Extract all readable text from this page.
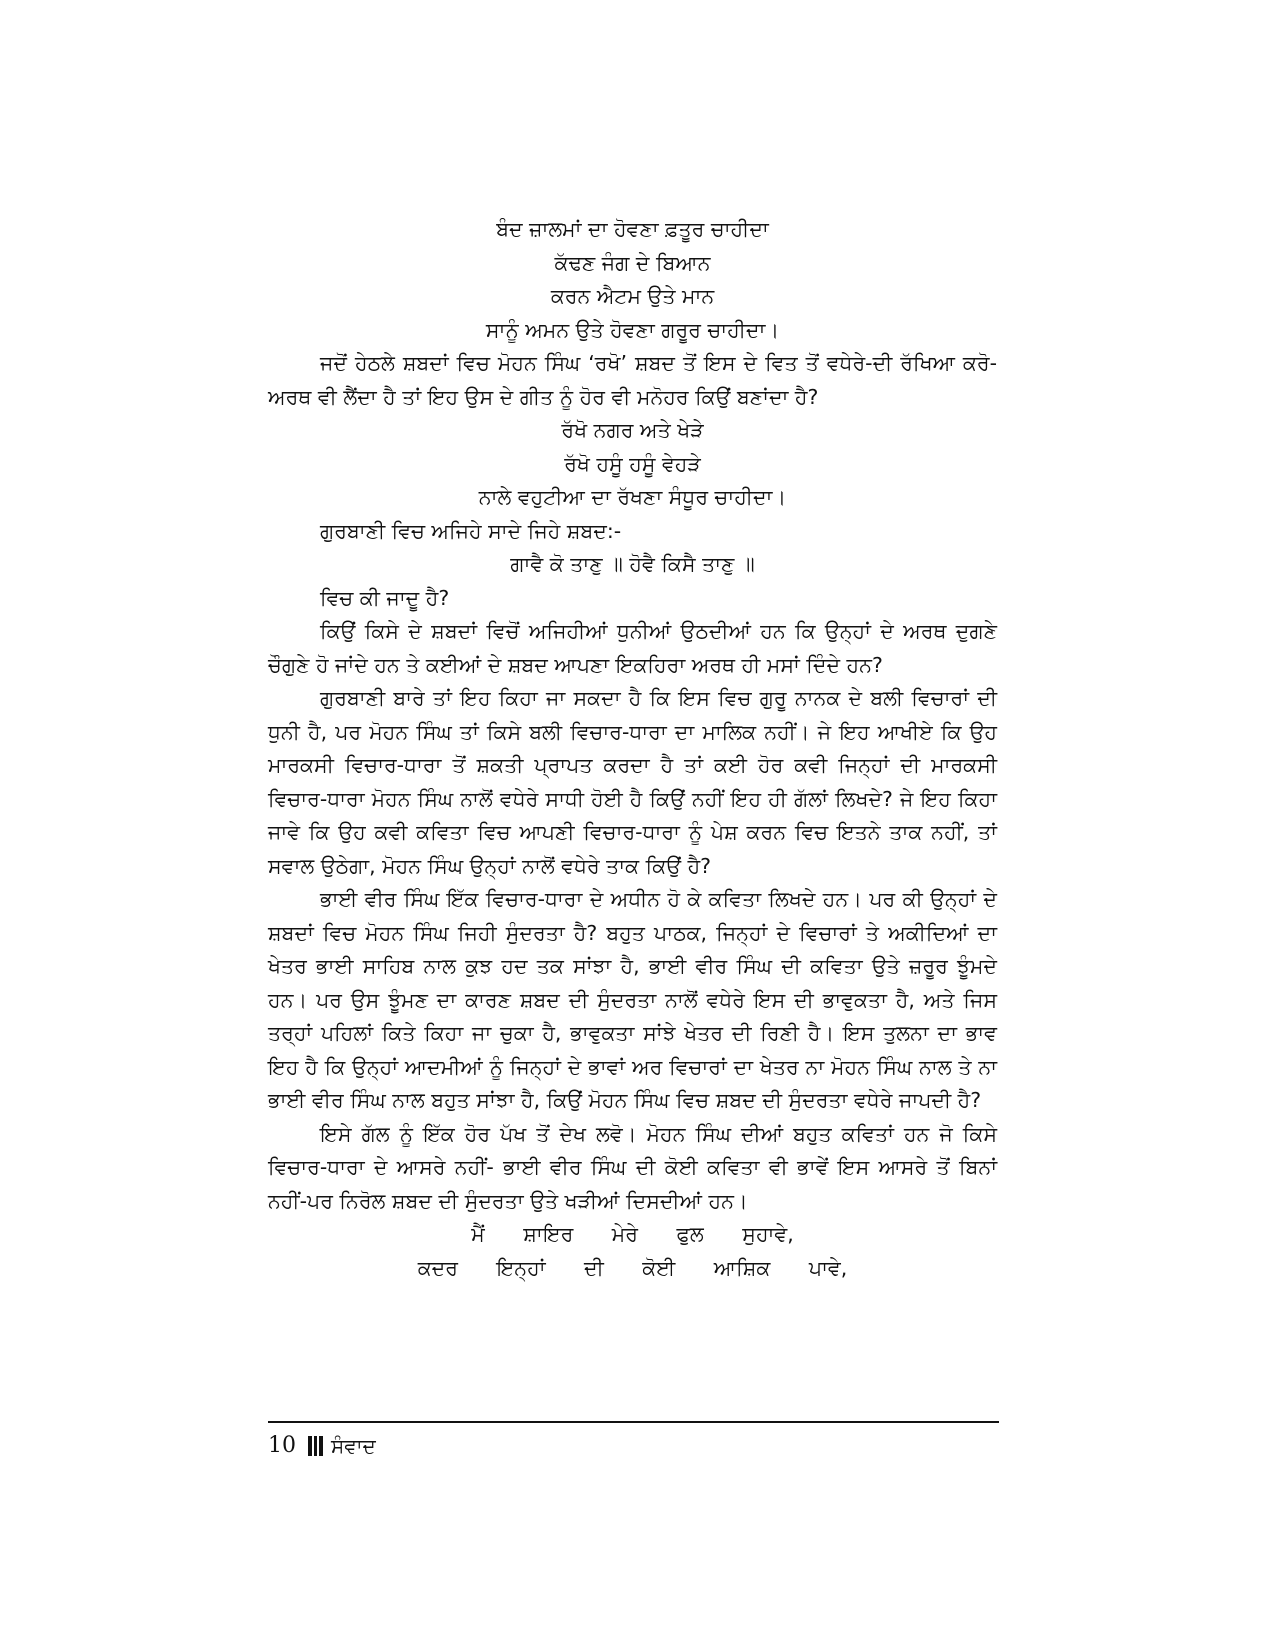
ਬੰਦ ਜ਼ਾਲਮਾਂ ਦਾ ਹੋਵਣਾ ਫ਼ਤੂਰ ਚਾਹੀਦਾ

ਕੱਢਣ ਜੰਗ ਦੇ ਬਿਆਨ

ਕਰਨ ਐਟਮ ਉਤੇ ਮਾਨ

ਸਾਨੂੰ ਅਮਨ ਉਤੇ ਹੋਵਣਾ ਗਰੂਰ ਚਾਹੀਦਾ।

ਜਦੋਂ ਹੇਠਲੇ ਸ਼ਬਦਾਂ ਵਿਚ ਮੋਹਨ ਸਿੰਘ ‘ਰਖੋ’ ਸ਼ਬਦ ਤੋਂ ਇਸ ਦੇ ਵਿਤ ਤੋਂ ਵਧੇਰੇ-ਦੀ ਰੱਖਿਆ ਕਰੋ-ਅਰਥ ਵੀ ਲੈਂਦਾ ਹੈ ਤਾਂ ਇਹ ਉਸ ਦੇ ਗੀਤ ਨੂੰ ਹੋਰ ਵੀ ਮਨੋਹਰ ਕਿਉਂ ਬਣਾਂਦਾ ਹੈ?

ਰੱਖੋ ਨਗਰ ਅਤੇ ਖੇੜੇ

ਰੱਖੋ ਹਸੂੰ ਹਸੂੰ ਵੇਹੜੇ

ਨਾਲੇ ਵਹੁਟੀਆ ਦਾ ਰੱਖਣਾ ਸੰਧੂਰ ਚਾਹੀਦਾ।

ਗੁਰਬਾਣੀ ਵਿਚ ਅਜਿਹੇ ਸਾਦੇ ਜਿਹੇ ਸ਼ਬਦ:-

ਗਾਵੈ ਕੋ ਤਾਣੁ ॥ ਹੋਵੈ ਕਿਸੈ ਤਾਣੁ ॥

ਵਿਚ ਕੀ ਜਾਦੂ ਹੈ?

ਕਿਉਂ ਕਿਸੇ ਦੇ ਸ਼ਬਦਾਂ ਵਿਚੋਂ ਅਜਿਹੀਆਂ ਧੁਨੀਆਂ ਉਠਦੀਆਂ ਹਨ ਕਿ ਉਨ੍ਹਾਂ ਦੇ ਅਰਥ ਦੁਗਣੇ ਚੌਗੁਣੇ ਹੋ ਜਾਂਦੇ ਹਨ ਤੇ ਕਈਆਂ ਦੇ ਸ਼ਬਦ ਆਪਣਾ ਇਕਹਿਰਾ ਅਰਥ ਹੀ ਮਸਾਂ ਦਿੰਦੇ ਹਨ?

ਗੁਰਬਾਣੀ ਬਾਰੇ ਤਾਂ ਇਹ ਕਿਹਾ ਜਾ ਸਕਦਾ ਹੈ ਕਿ ਇਸ ਵਿਚ ਗੁਰੂ ਨਾਨਕ ਦੇ ਬਲੀ ਵਿਚਾਰਾਂ ਦੀ ਧੁਨੀ ਹੈ, ਪਰ ਮੋਹਨ ਸਿੰਘ ਤਾਂ ਕਿਸੇ ਬਲੀ ਵਿਚਾਰ-ਧਾਰਾ ਦਾ ਮਾਲਿਕ ਨਹੀਂ। ਜੇ ਇਹ ਆਖੀਏ ਕਿ ਉਹ ਮਾਰਕਸੀ ਵਿਚਾਰ-ਧਾਰਾ ਤੋਂ ਸ਼ਕਤੀ ਪ੍ਰਾਪਤ ਕਰਦਾ ਹੈ ਤਾਂ ਕਈ ਹੋਰ ਕਵੀ ਜਿਨ੍ਹਾਂ ਦੀ ਮਾਰਕਸੀ ਵਿਚਾਰ-ਧਾਰਾ ਮੋਹਨ ਸਿੰਘ ਨਾਲੋਂ ਵਧੇਰੇ ਸਾਧੀ ਹੋਈ ਹੈ ਕਿਉਂ ਨਹੀਂ ਇਹ ਹੀ ਗੱਲਾਂ ਲਿਖਦੇ? ਜੇ ਇਹ ਕਿਹਾ ਜਾਵੇ ਕਿ ਉਹ ਕਵੀ ਕਵਿਤਾ ਵਿਚ ਆਪਣੀ ਵਿਚਾਰ-ਧਾਰਾ ਨੂੰ ਪੇਸ਼ ਕਰਨ ਵਿਚ ਇਤਨੇ ਤਾਕ ਨਹੀਂ, ਤਾਂ ਸਵਾਲ ਉਠੇਗਾ, ਮੋਹਨ ਸਿੰਘ ਉਨ੍ਹਾਂ ਨਾਲੋਂ ਵਧੇਰੇ ਤਾਕ ਕਿਉਂ ਹੈ?

ਭਾਈ ਵੀਰ ਸਿੰਘ ਇੱਕ ਵਿਚਾਰ-ਧਾਰਾ ਦੇ ਅਧੀਨ ਹੋ ਕੇ ਕਵਿਤਾ ਲਿਖਦੇ ਹਨ। ਪਰ ਕੀ ਉਨ੍ਹਾਂ ਦੇ ਸ਼ਬਦਾਂ ਵਿਚ ਮੋਹਨ ਸਿੰਘ ਜਿਹੀ ਸੁੰਦਰਤਾ ਹੈ? ਬਹੁਤ ਪਾਠਕ, ਜਿਨ੍ਹਾਂ ਦੇ ਵਿਚਾਰਾਂ ਤੇ ਅਕੀਦਿਆਂ ਦਾ ਖੇਤਰ ਭਾਈ ਸਾਹਿਬ ਨਾਲ ਕੁਝ ਹਦ ਤਕ ਸਾਂਝਾ ਹੈ, ਭਾਈ ਵੀਰ ਸਿੰਘ ਦੀ ਕਵਿਤਾ ਉਤੇ ਜ਼ਰੂਰ ਝੂੰਮਦੇ ਹਨ। ਪਰ ਉਸ ਝੂੰਮਣ ਦਾ ਕਾਰਣ ਸ਼ਬਦ ਦੀ ਸੁੰਦਰਤਾ ਨਾਲੋਂ ਵਧੇਰੇ ਇਸ ਦੀ ਭਾਵੁਕਤਾ ਹੈ, ਅਤੇ ਜਿਸ ਤਰ੍ਹਾਂ ਪਹਿਲਾਂ ਕਿਤੇ ਕਿਹਾ ਜਾ ਚੁਕਾ ਹੈ, ਭਾਵੁਕਤਾ ਸਾਂਝੇ ਖੇਤਰ ਦੀ ਰਿਣੀ ਹੈ। ਇਸ ਤੁਲਨਾ ਦਾ ਭਾਵ ਇਹ ਹੈ ਕਿ ਉਨ੍ਹਾਂ ਆਦਮੀਆਂ ਨੂੰ ਜਿਨ੍ਹਾਂ ਦੇ ਭਾਵਾਂ ਅਰ ਵਿਚਾਰਾਂ ਦਾ ਖੇਤਰ ਨਾ ਮੋਹਨ ਸਿੰਘ ਨਾਲ ਤੇ ਨਾ ਭਾਈ ਵੀਰ ਸਿੰਘ ਨਾਲ ਬਹੁਤ ਸਾਂਝਾ ਹੈ, ਕਿਉਂ ਮੋਹਨ ਸਿੰਘ ਵਿਚ ਸ਼ਬਦ ਦੀ ਸੁੰਦਰਤਾ ਵਧੇਰੇ ਜਾਪਦੀ ਹੈ?

ਇਸੇ ਗੱਲ ਨੂੰ ਇੱਕ ਹੋਰ ਪੱਖ ਤੋਂ ਦੇਖ ਲਵੋ। ਮੋਹਨ ਸਿੰਘ ਦੀਆਂ ਬਹੁਤ ਕਵਿਤਾਂ ਹਨ ਜੋ ਕਿਸੇ ਵਿਚਾਰ-ਧਾਰਾ ਦੇ ਆਸਰੇ ਨਹੀਂ- ਭਾਈ ਵੀਰ ਸਿੰਘ ਦੀ ਕੋਈ ਕਵਿਤਾ ਵੀ ਭਾਵੇਂ ਇਸ ਆਸਰੇ ਤੋਂ ਬਿਨਾਂ ਨਹੀਂ-ਪਰ ਨਿਰੋਲ ਸ਼ਬਦ ਦੀ ਸੁੰਦਰਤਾ ਉਤੇ ਖੜੀਆਂ ਦਿਸਦੀਆਂ ਹਨ।

ਮੈਂ ਸ਼ਾਇਰ ਮੇਰੇ ਫੁਲ ਸੁਹਾਵੇ,

ਕਦਰ ਇਨ੍ਹਾਂ ਦੀ ਕੋਈ ਆਸ਼ਿਕ ਪਾਵੇ,

10 ਸੰਵਾਦ
